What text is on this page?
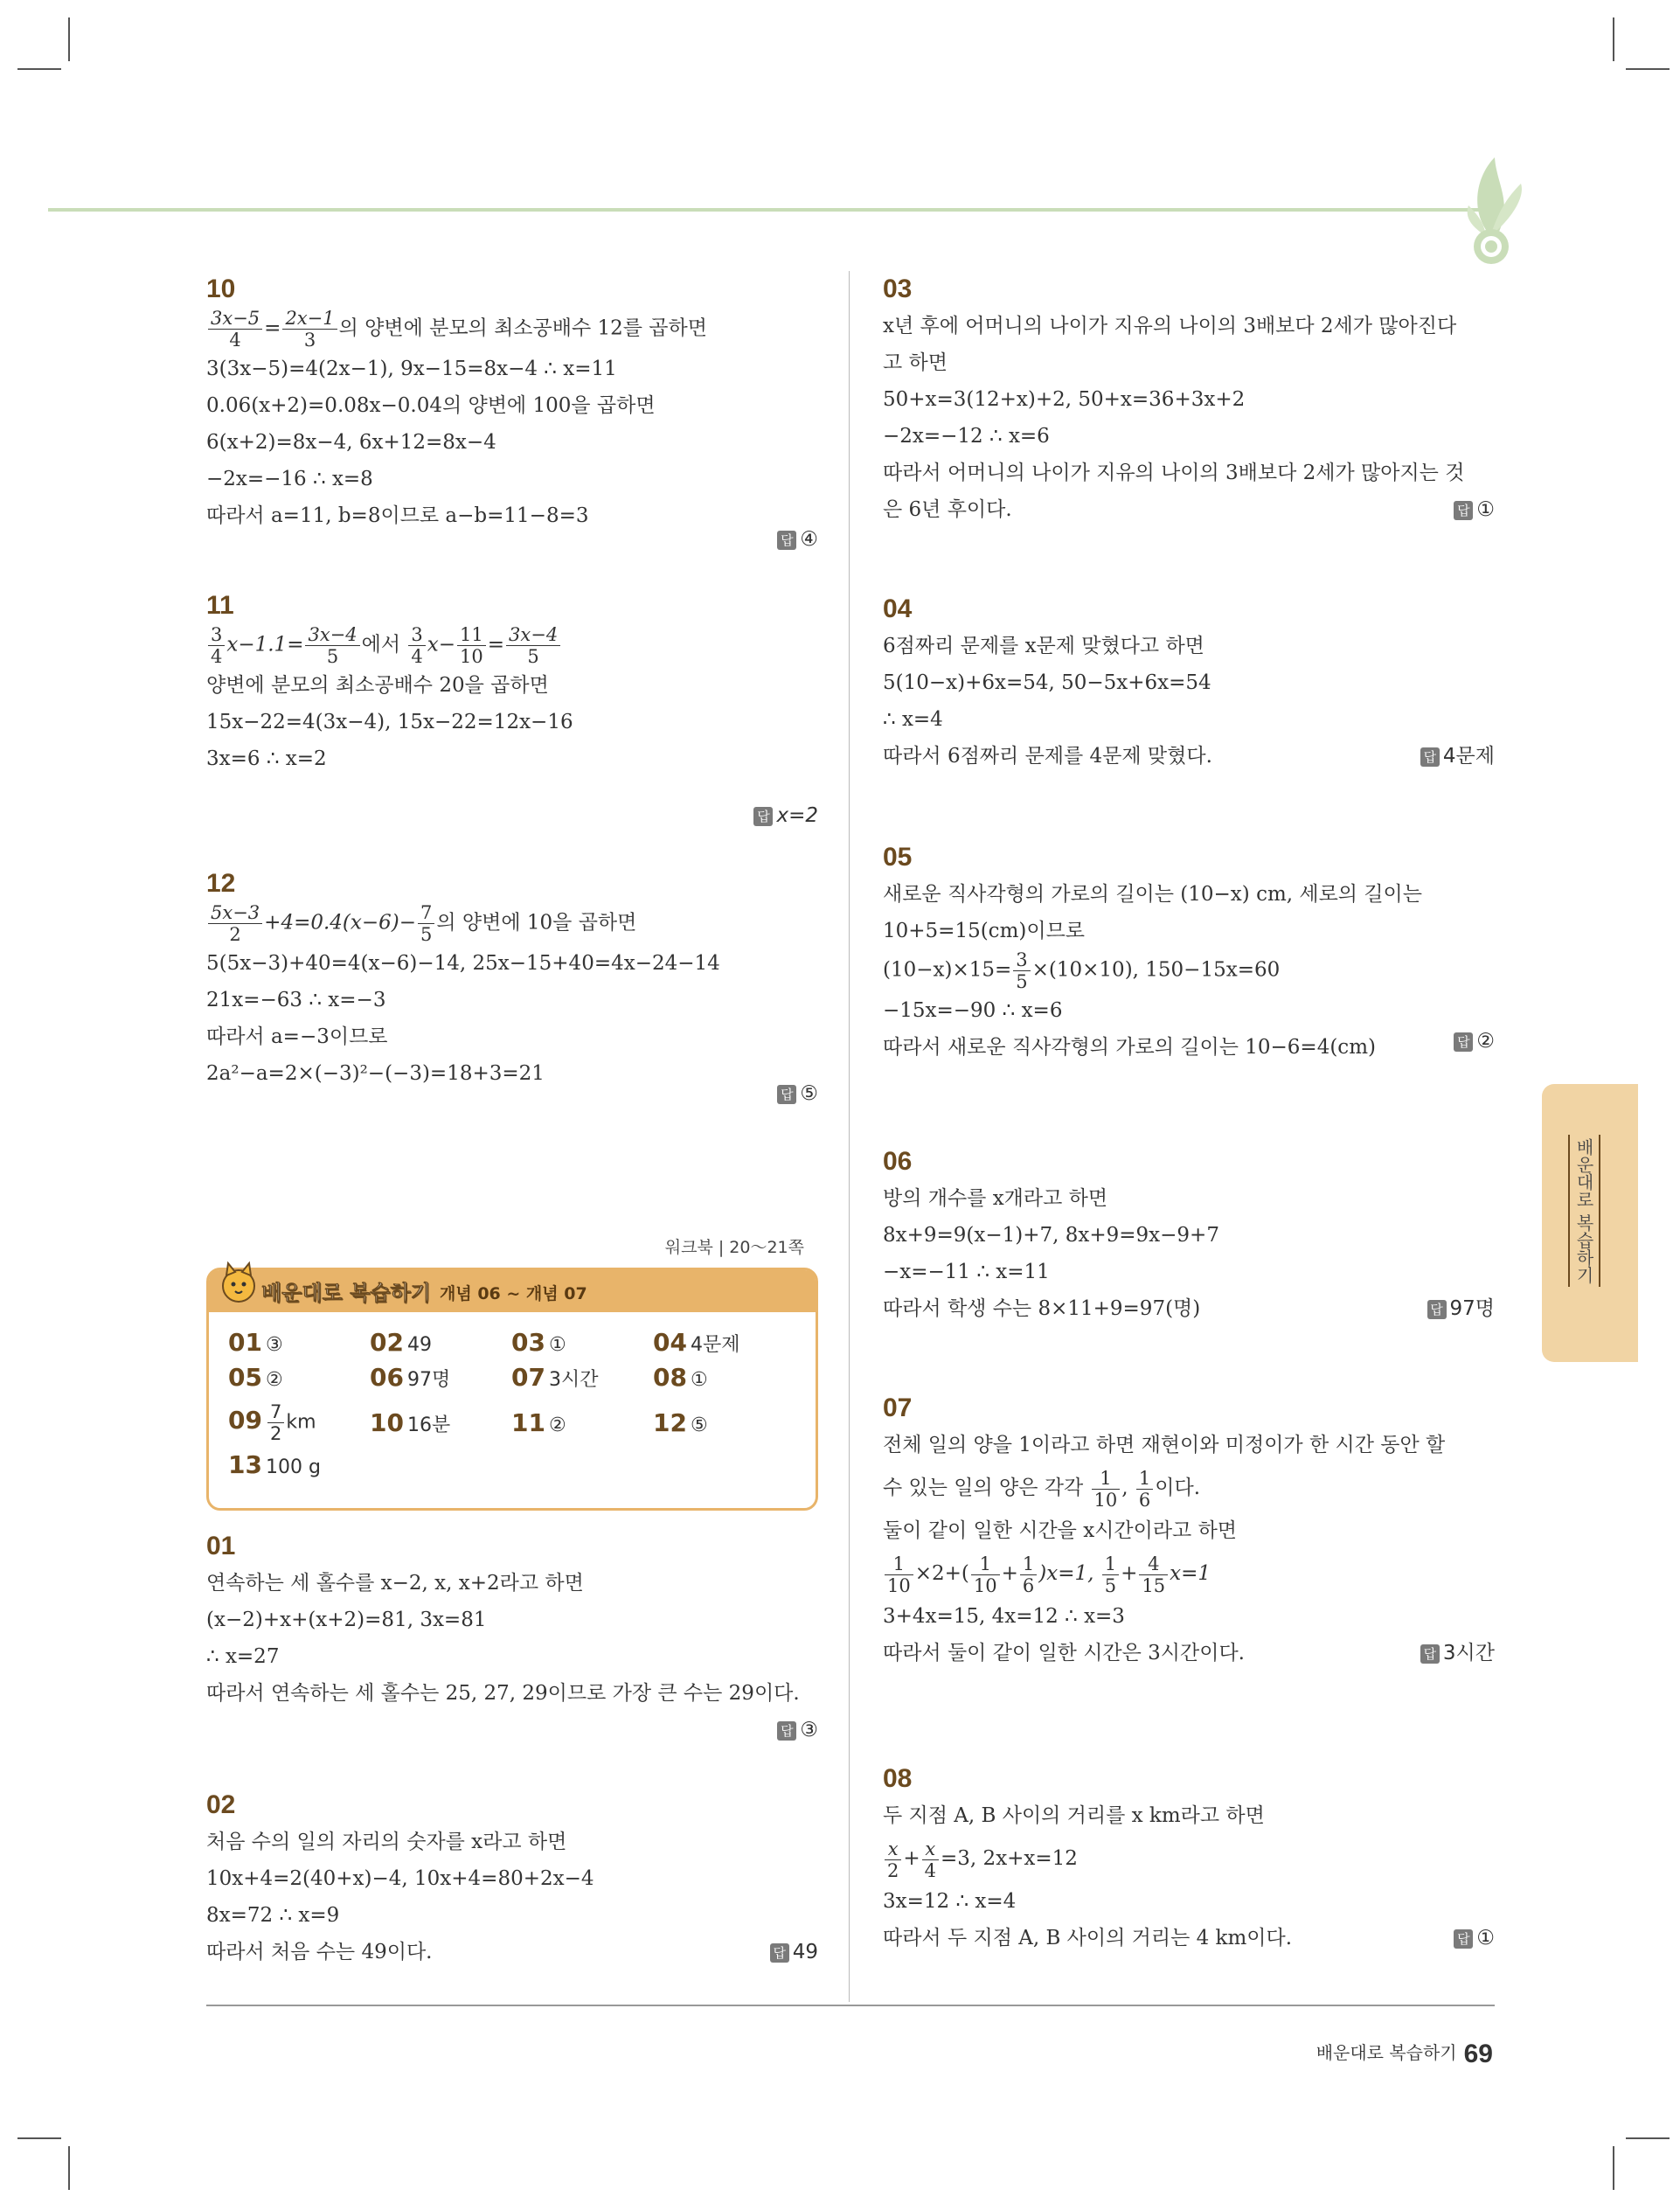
10
$\frac{3x-5}{4} = \frac{2x-1}{3}$ 의 양변에 분모의 최소공배수 12를 곱하면
3(3x−5)=4(2x−1), 9x−15=8x−4 ∴ x=11
0.06(x+2)=0.08x−0.04의 양변에 100을 곱하면
6(x+2)=8x−4, 6x+12=8x−4
−2x=−16 ∴ x=8
따라서 a=11, b=8이므로 a−b=11−8=3
답 ④
11
$\frac{3}{4} x-1.1= \frac{3x-4}{5}$ 에서 $\frac{3}{4} x- \frac{11}{10} = \frac{3x-4}{5}$
양변에 분모의 최소공배수 20을 곱하면
15x−22=4(3x−4), 15x−22=12x−16
3x=6 ∴ x=2
답 x=2
12
$\frac{5x-3}{2} +4=0.4(x-6)- \frac{7}{5}$ 의 양변에 10을 곱하면
5(5x−3)+40=4(x−6)−14, 25x−15+40=4x−24−14
21x=−63 ∴ x=−3
따라서 a=−3이므로
2a²−a=2×(−3)²−(−3)=18+3=21
답 ⑤
워크북 | 20～21쪽
배운대로 복습하기 개념 06 ~ 개념 07
01 ③	02 49	03 ①	04 4문제
05 ②	06 97명 07 3시간 08 ①
$09 \frac{7}{2}$ km 10 16분 11 ②	12 ⑤
13 100 g
01
연속하는 세 홀수를 x−2, x, x+2라고 하면
(x−2)+x+(x+2)=81, 3x=81
∴ x=27
따라서 연속하는 세 홀수는 25, 27, 29이므로 가장 큰 수는 29이다.
답 ③
02
처음 수의 일의 자리의 숫자를 x라고 하면
10x+4=2(40+x)−4, 10x+4=80+2x−4
8x=72 ∴ x=9
따라서 처음 수는 49이다.	답 49
03
x년 후에 어머니의 나이가 지유의 나이의 3배보다 2세가 많아진다
고 하면
50+x=3(12+x)+2, 50+x=36+3x+2
−2x=−12 ∴ x=6
따라서 어머니의 나이가 지유의 나이의 3배보다 2세가 많아지는 것
은 6년 후이다.	답 ①
04
6점짜리 문제를 x문제 맞혔다고 하면
5(10−x)+6x=54, 50−5x+6x=54
∴ x=4
따라서 6점짜리 문제를 4문제 맞혔다.	답 4문제
05
새로운 직사각형의 가로의 길이는 (10−x) cm, 세로의 길이는
10+5=15(cm)이므로
$(10-x)\times 15= \frac{3}{5} \times(10\times 10)$, 150−15x=60
−15x=−90 ∴ x=6
따라서 새로운 직사각형의 가로의 길이는 10−6=4(cm)	답 ②
06
방의 개수를 x개라고 하면
8x+9=9(x−1)+7, 8x+9=9x−9+7
−x=−11 ∴ x=11
따라서 학생 수는 8×11+9=97(명)	답 97명
07
전체 일의 양을 1이라고 하면 재현이와 미정이가 한 시간 동안 할
수 있는 일의 양은 각각 $\frac{1}{10}$ , $\frac{1}{6}$ 이다.
둘이 같이 일한 시간을 x시간이라고 하면
$\frac{1}{10} \times 2+( \frac{1}{10} + \frac{1}{6} )x=1$, $\frac{1}{5} + \frac{4}{15} x=1$
3+4x=15, 4x=12 ∴ x=3
따라서 둘이 같이 일한 시간은 3시간이다.	답 3시간
08
두 지점 A, B 사이의 거리를 x km라고 하면
$\frac{x}{2} + \frac{x}{4} =3$, 2x+x=12
3x=12 ∴ x=4
따라서 두 지점 A, B 사이의 거리는 4 km이다.	답 ①
배운대로 복습하기
배운대로 복습하기 69
